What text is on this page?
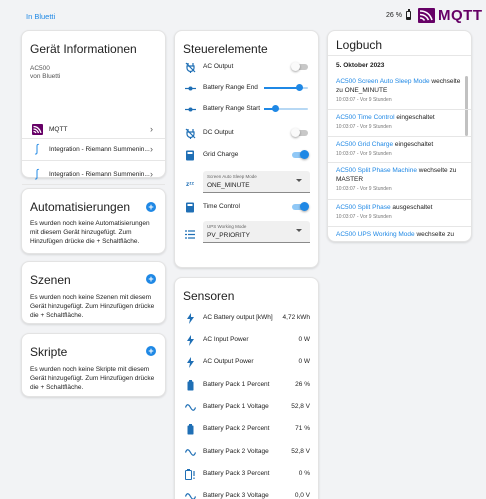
In Bluetti	26 % MQTT
Gerät Informationen
AC500
von Bluetti
MQTT	›
∫	Integration - Riemann Summenin... ›
∫	Integration - Riemann Summenin... ›
Automatisierungen +
Es wurden noch keine Automatisierungen mit diesem Gerät hinzugefügt. Zum Hinzufügen drücke die + Schaltfläche.
Szenen	+
Es wurden noch keine Szenen mit diesem Gerät hinzugefügt. Zum Hinzufügen drücke die + Schaltfläche.
Skripte	+
Es wurden noch keine Skripte mit diesem Gerät hinzugefügt. Zum Hinzufügen drücke die + Schaltfläche.
Steuerelemente
AC Output
Battery Range End
Battery Range Start
DC Output
Grid Charge
zᶻᶻ
Screen Auto Sleep Mode
ONE_MINUTE
Time Control
UPS Working Mode
PV_PRIORITY
Sensoren
AC Battery output [kWh] 4,72 kWh
AC Input Power	0 W
AC Output Power	0 W
Battery Pack 1 Percent	26 %
Battery Pack 1 Voltage	52,8 V
Battery Pack 2 Percent	71 %
Battery Pack 2 Voltage	52,8 V
Battery Pack 3 Percent	0 %
Battery Pack 3 Voltage	0,0 V
Logbuch
5. Oktober 2023
AC500 Screen Auto Sleep Mode wechselte zu ONE_MINUTE
10:03:07 - Vor 9 Stunden
AC500 Time Control eingeschaltet
10:03:07 - Vor 9 Stunden
AC500 Grid Charge eingeschaltet
10:03:07 - Vor 9 Stunden
AC500 Split Phase Machine wechselte zu MASTER
10:03:07 - Vor 9 Stunden
AC500 Split Phase ausgeschaltet
10:03:07 - Vor 9 Stunden
AC500 UPS Working Mode wechselte zu
